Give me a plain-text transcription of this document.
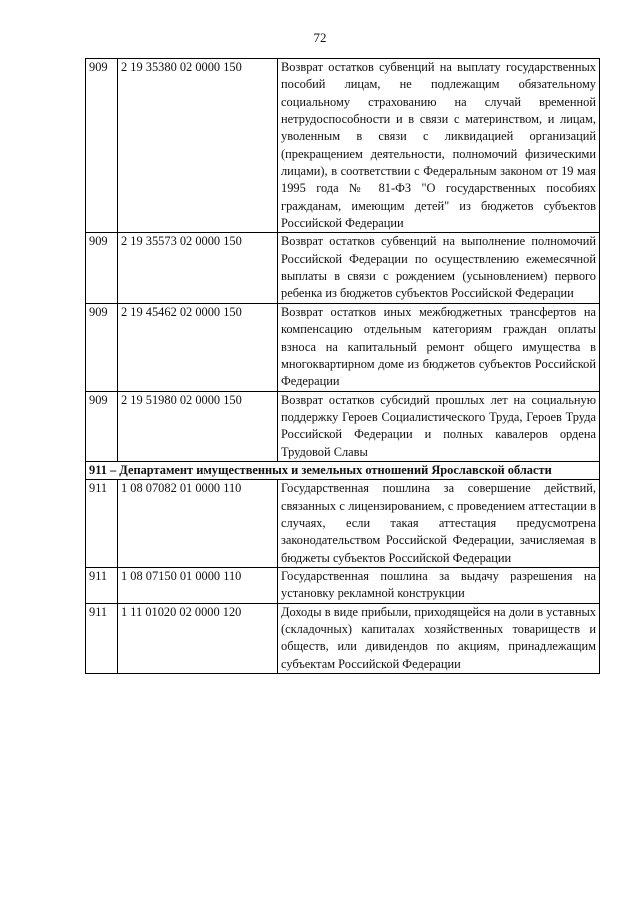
72
909	2 19 35380 02 0000 150	Возврат остатков субвенций на выплату государственных пособий лицам, не подлежащим обязательному социальному страхованию на случай временной нетрудоспособности и в связи с материнством, и лицам, уволенным в связи с ликвидацией организаций (прекращением деятельности, полномочий физическими лицами), в соответствии с Федеральным законом от 19 мая 1995 года № 81-ФЗ "О государственных пособиях гражданам, имеющим детей" из бюджетов субъектов Российской Федерации
909	2 19 35573 02 0000 150	Возврат остатков субвенций на выполнение полномочий Российской Федерации по осуществлению ежемесячной выплаты в связи с рождением (усыновлением) первого ребенка из бюджетов субъектов Российской Федерации
909	2 19 45462 02 0000 150	Возврат остатков иных межбюджетных трансфертов на компенсацию отдельным категориям граждан оплаты взноса на капитальный ремонт общего имущества в многоквартирном доме из бюджетов субъектов Российской Федерации
909	2 19 51980 02 0000 150	Возврат остатков субсидий прошлых лет на социальную поддержку Героев Социалистического Труда, Героев Труда Российской Федерации и полных кавалеров ордена Трудовой Славы
911 – Департамент имущественных и земельных отношений Ярославской области		
911	1 08 07082 01 0000 110	Государственная пошлина за совершение действий, связанных с лицензированием, с проведением аттестации в случаях, если такая аттестация предусмотрена законодательством Российской Федерации, зачисляемая в бюджеты субъектов Российской Федерации
911	1 08 07150 01 0000 110	Государственная пошлина за выдачу разрешения на установку рекламной конструкции
911	1 11 01020 02 0000 120	Доходы в виде прибыли, приходящейся на доли в уставных (складочных) капиталах хозяйственных товариществ и обществ, или дивидендов по акциям, принадлежащим субъектам Российской Федерации
